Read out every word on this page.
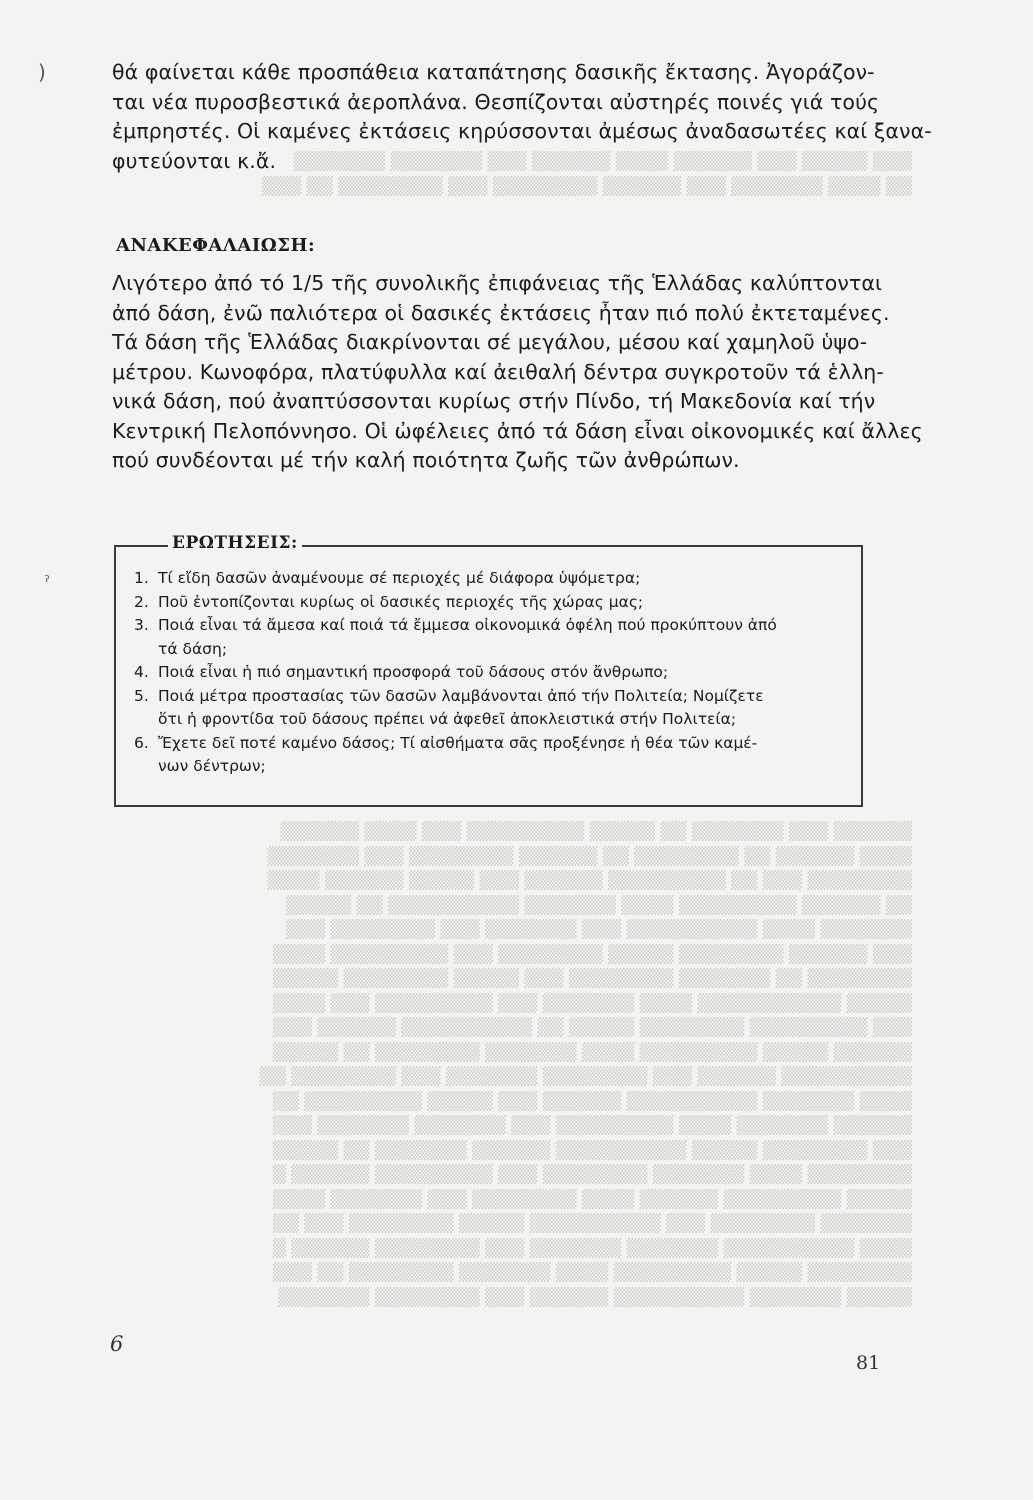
▒▒▒ ▒▒▒▒▒ ▒▒▒ ▒▒▒▒▒▒ ▒▒▒▒ ▒▒▒▒▒▒ ▒▒▒ ▒▒▒▒▒▒▒ ▒▒▒▒▒▒▒
▒▒ ▒▒▒▒ ▒▒▒▒▒▒▒ ▒▒▒ ▒▒▒▒▒▒ ▒▒▒▒▒▒▒▒ ▒▒▒ ▒▒▒▒▒▒▒▒ ▒▒ ▒▒▒
▒▒▒▒▒▒ ▒▒▒ ▒▒▒▒▒▒▒ ▒▒ ▒▒▒▒▒ ▒▒▒▒▒▒▒▒▒ ▒▒▒ ▒▒▒▒ ▒▒▒▒▒▒
▒▒▒▒ ▒▒▒▒▒▒ ▒▒ ▒▒▒▒▒▒▒▒ ▒▒ ▒▒▒▒▒▒ ▒▒▒▒▒▒▒▒ ▒▒▒ ▒▒▒▒▒▒▒
▒▒▒▒▒▒▒▒ ▒▒▒ ▒▒ ▒▒▒▒▒▒▒▒▒ ▒▒▒▒▒▒ ▒▒▒ ▒▒▒▒▒ ▒▒▒▒▒▒ ▒▒▒▒
▒▒ ▒▒▒▒▒▒ ▒▒▒▒▒▒▒▒▒ ▒▒▒▒ ▒▒▒▒▒▒▒ ▒▒▒▒▒▒▒▒▒▒ ▒▒ ▒▒▒▒▒
▒▒▒▒▒▒▒ ▒▒▒▒ ▒▒▒▒▒▒▒▒▒▒ ▒▒▒ ▒▒▒▒▒▒▒ ▒▒▒ ▒▒▒▒▒▒▒▒ ▒▒▒
▒▒▒ ▒▒▒▒▒▒ ▒▒▒▒▒▒▒▒ ▒▒▒▒▒ ▒▒▒▒▒▒▒▒ ▒▒▒ ▒▒▒▒▒▒▒▒▒ ▒▒▒▒
▒▒▒▒▒▒▒▒ ▒▒ ▒▒▒▒▒▒▒ ▒▒▒▒▒▒▒▒ ▒▒▒ ▒▒▒▒▒ ▒▒▒▒▒▒▒▒ ▒▒▒▒▒
▒▒▒▒▒ ▒▒▒▒▒▒▒▒▒▒▒ ▒▒▒▒ ▒▒▒▒▒▒▒ ▒▒▒ ▒▒▒▒▒▒▒▒▒ ▒▒▒ ▒▒▒▒
▒▒▒ ▒▒▒▒▒▒▒▒▒ ▒▒▒▒▒▒▒▒ ▒▒▒▒▒ ▒▒ ▒▒▒▒▒▒▒▒▒▒ ▒▒▒▒▒▒ ▒▒▒
▒▒▒▒▒▒ ▒▒▒▒▒ ▒▒▒▒▒▒▒▒▒ ▒▒▒▒ ▒▒▒▒▒▒▒ ▒▒▒▒▒▒▒▒ ▒▒ ▒▒▒▒▒
▒▒▒▒▒▒▒▒▒▒ ▒▒▒▒▒▒ ▒▒▒ ▒▒▒▒▒▒▒▒ ▒▒▒▒▒▒▒ ▒▒▒ ▒▒▒▒▒▒▒▒ ▒▒
▒▒▒▒ ▒▒▒▒▒▒▒ ▒▒▒▒▒▒▒▒▒▒ ▒▒▒▒▒▒ ▒▒▒ ▒▒▒▒▒ ▒▒▒▒▒▒▒▒▒ ▒▒
▒▒▒▒▒▒ ▒▒▒▒▒▒▒ ▒▒▒▒ ▒▒▒▒▒▒▒▒▒ ▒▒▒ ▒▒▒▒▒▒▒ ▒▒▒▒▒▒▒ ▒▒▒
▒▒▒ ▒▒▒▒▒▒▒▒ ▒▒▒▒▒ ▒▒▒▒▒▒▒▒▒▒ ▒▒▒▒▒▒ ▒▒▒▒▒▒▒ ▒▒ ▒▒▒▒▒
▒▒▒▒▒▒▒▒ ▒▒▒▒ ▒▒▒▒▒▒▒ ▒▒▒▒▒▒▒▒ ▒▒▒ ▒▒▒▒▒▒▒▒▒ ▒▒▒▒▒▒ ▒
▒▒▒▒▒ ▒▒▒▒▒▒▒▒▒ ▒▒▒▒▒▒ ▒▒▒▒ ▒▒▒▒▒▒▒▒ ▒▒▒ ▒▒▒▒▒▒▒ ▒▒▒▒
▒▒▒▒▒▒▒ ▒▒▒▒▒▒▒▒ ▒▒▒ ▒▒▒▒▒▒▒▒▒▒ ▒▒▒▒▒ ▒▒▒▒▒▒▒▒ ▒▒▒ ▒▒
▒▒▒▒ ▒▒▒▒▒▒▒▒▒▒ ▒▒▒▒▒▒▒ ▒▒▒▒▒▒▒ ▒▒▒ ▒▒▒▒▒▒▒▒ ▒▒▒▒▒▒ ▒
▒▒▒▒▒▒▒▒ ▒▒▒▒▒ ▒▒▒▒▒▒▒▒▒ ▒▒▒▒ ▒▒▒▒▒▒▒ ▒▒▒▒▒▒▒▒ ▒▒ ▒▒▒
▒▒▒▒▒ ▒▒▒▒▒▒▒ ▒▒▒▒▒▒▒▒▒▒ ▒▒▒▒▒▒ ▒▒▒ ▒▒▒▒▒▒▒▒ ▒▒▒▒▒▒▒
)
ˀ
θά φαίνεται κάθε προσπάθεια καταπάτησης δασικῆς ἔκτασης. Ἀγοράζον-
ται νέα πυροσβεστικά ἀεροπλάνα. Θεσπίζονται αὐστηρές ποινές γιά τούς
ἐμπρηστές. Οἱ καμένες ἐκτάσεις κηρύσσονται ἀμέσως ἀναδασωτέες καί ξανα-
φυτεύονται κ.ἄ.
ΑΝΑΚΕΦΑΛΑΙΩΣΗ:
Λιγότερο ἀπό τό 1/5 τῆς συνολικῆς ἐπιφάνειας τῆς Ἑλλάδας καλύπτονται
ἀπό δάση, ἐνῶ παλιότερα οἱ δασικές ἐκτάσεις ἦταν πιό πολύ ἐκτεταμένες.
Τά δάση τῆς Ἑλλάδας διακρίνονται σέ μεγάλου, μέσου καί χαμηλοῦ ὑψο-
μέτρου. Κωνοφόρα, πλατύφυλλα καί ἀειθαλή δέντρα συγκροτοῦν τά ἑλλη-
νικά δάση, πού ἀναπτύσσονται κυρίως στήν Πίνδο, τή Μακεδονία καί τήν
Κεντρική Πελοπόννησο. Οἱ ὠφέλειες ἀπό τά δάση εἶναι οἰκονομικές καί ἄλλες
πού συνδέονται μέ τήν καλή ποιότητα ζωῆς τῶν ἀνθρώπων.
ΕΡΩΤΗΣΕΙΣ:
1. Τί εἴδη δασῶν ἀναμένουμε σέ περιοχές μέ διάφορα ὑψόμετρα;
2. Ποῦ ἐντοπίζονται κυρίως οἱ δασικές περιοχές τῆς χώρας μας;
3. Ποιά εἶναι τά ἄμεσα καί ποιά τά ἔμμεσα οἰκονομικά ὀφέλη πού προκύπτουν ἀπό
τά δάση;
4. Ποιά εἶναι ἡ πιό σημαντική προσφορά τοῦ δάσους στόν ἄνθρωπο;
5. Ποιά μέτρα προστασίας τῶν δασῶν λαμβάνονται ἀπό τήν Πολιτεία; Νομίζετε
ὅτι ἡ φροντίδα τοῦ δάσους πρέπει νά ἀφεθεῖ ἀποκλειστικά στήν Πολιτεία;
6. Ἔχετε δεῖ ποτέ καμένο δάσος; Τί αἰσθήματα σᾶς προξένησε ἡ θέα τῶν καμέ-
νων δέντρων;
6
81
